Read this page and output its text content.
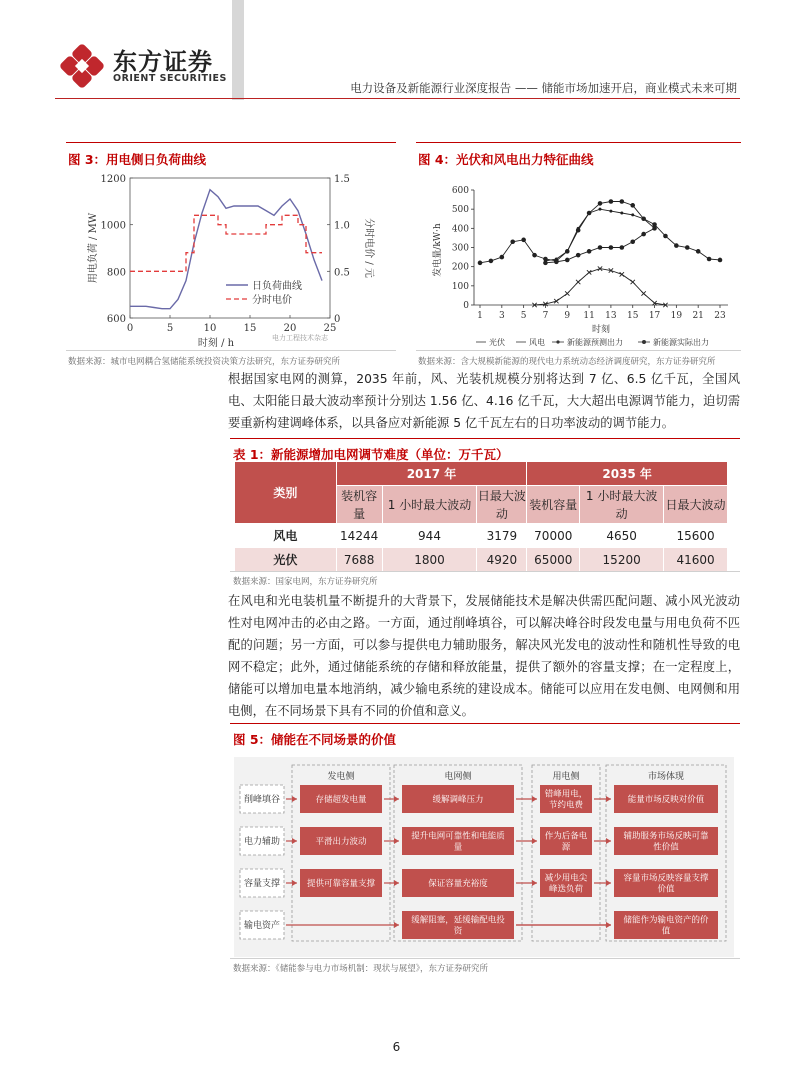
东方证券
ORIENT SECURITIES
电力设备及新能源行业深度报告 —— 储能市场加速开启，商业模式未来可期
图 3：用电侧日负荷曲线
0	5	10	15	20	25
600
800
1000
1200
0
0.5
1.0
1.5
日负荷曲线
分时电价
时刻 / h
用电负荷 / MW	分时电价 / 元
电力工程技术杂志
数据来源：城市电网耦合氢储能系统投资决策方法研究，东方证券研究所
图 4：光伏和风电出力特征曲线
1 3 5 7 9 11 13 15 17 19 21 23
0
100
200
300
400
500
600
时刻
发电量/kW·h
光伏	风电	新能源预测出力	新能源实际出力
数据来源：含大规模新能源的现代电力系统动态经济调度研究，东方证券研究所
根据国家电网的测算，2035 年前，风、光装机规模分别将达到 7 亿、6.5 亿千瓦，全国风电、太阳能日最大波动率预计分别达 1.56 亿、4.16 亿千瓦，大大超出电源调节能力，迫切需要重新构建调峰体系，以具备应对新能源 5 亿千瓦左右的日功率波动的调节能力。
表 1：新能源增加电网调节难度（单位：万千瓦）
类别	2017 年			2035 年		
	装机容量	1 小时最大波动	日最大波动	装机容量	1 小时最大波动	日最大波动
风电	14244	944	3179	70000	4650	15600
光伏	7688	1800	4920	65000	15200	41600
数据来源：国家电网，东方证券研究所
在风电和光电装机量不断提升的大背景下，发展储能技术是解决供需匹配问题、减小风光波动性对电网冲击的必由之路。一方面，通过削峰填谷，可以解决峰谷时段发电量与用电负荷不匹配的问题；另一方面，可以参与提供电力辅助服务，解决风光发电的波动性和随机性导致的电网不稳定；此外，通过储能系统的存储和释放能量，提供了额外的容量支撑；在一定程度上，储能可以增加电量本地消纳，减少输电系统的建设成本。储能可以应用在发电侧、电网侧和用电侧，在不同场景下具有不同的价值和意义。
图 5：储能在不同场景的价值
发电侧	电网侧	用电侧	市场体现
削峰填谷	存储超发电量	缓解调峰压力
错峰用电，
节约电费
能量市场反映对价值
电力辅助	平滑出力波动
提升电网可靠性和电能质
量
作为后备电
源
辅助服务市场反映可靠
性价值
容量支撑	提供可靠容量支撑	保证容量充裕度
减少用电尖
峰迭负荷
容量市场反映容量支撑
价值
输电资产
缓解阻塞，延缓输配电投
资
储能作为输电资产的价
值
数据来源：《储能参与电力市场机制：现状与展望》，东方证券研究所
6
